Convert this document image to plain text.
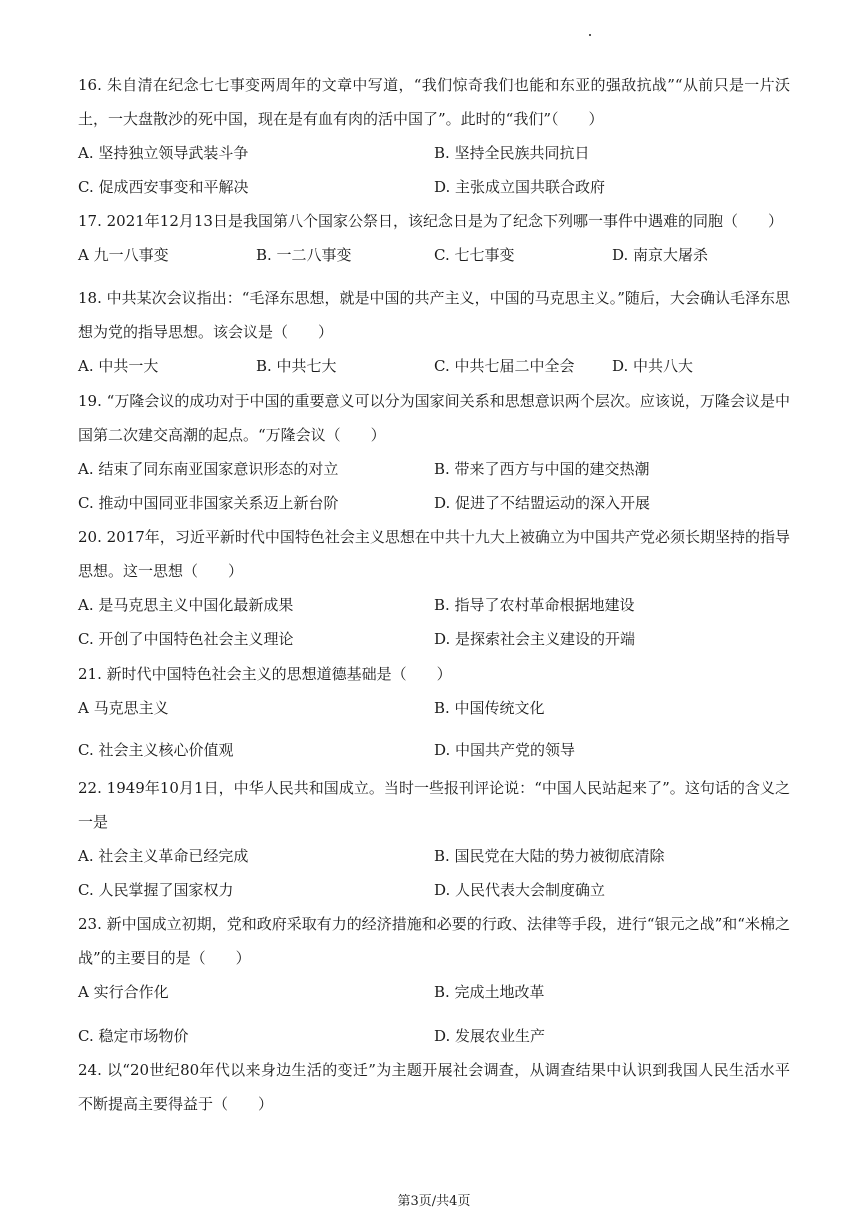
16. 朱自清在纪念七七事变两周年的文章中写道，“我们惊奇我们也能和东亚的强敌抗战”“从前只是一片沃土，一大盘散沙的死中国，现在是有血有肉的活中国了”。此时的“我们”（　　）

A. 坚持独立领导武装斗争	B. 坚持全民族共同抗日
C. 促成西安事变和平解决	D. 主张成立国共联合政府

17. 2021年12月13日是我国第八个国家公祭日，该纪念日是为了纪念下列哪一事件中遇难的同胞（　　）

A 九一八事变	B. 一二八事变	C. 七七事变	D. 南京大屠杀

18. 中共某次会议指出：“毛泽东思想，就是中国的共产主义，中国的马克思主义。”随后，大会确认毛泽东思想为党的指导思想。该会议是（　　）

A. 中共一大	B. 中共七大	C. 中共七届二中全会	D. 中共八大

19. “万隆会议的成功对于中国的重要意义可以分为国家间关系和思想意识两个层次。应该说，万隆会议是中国第二次建交高潮的起点。“万隆会议（　　）

A. 结束了同东南亚国家意识形态的对立	B. 带来了西方与中国的建交热潮
C. 推动中国同亚非国家关系迈上新台阶	D. 促进了不结盟运动的深入开展

20. 2017年，习近平新时代中国特色社会主义思想在中共十九大上被确立为中国共产党必须长期坚持的指导思想。这一思想（　　）

A. 是马克思主义中国化最新成果	B. 指导了农村革命根据地建设
C. 开创了中国特色社会主义理论	D. 是探索社会主义建设的开端

21. 新时代中国特色社会主义的思想道德基础是（　　）

A 马克思主义	B. 中国传统文化
C. 社会主义核心价值观	D. 中国共产党的领导

22. 1949年10月1日，中华人民共和国成立。当时一些报刊评论说：“中国人民站起来了”。这句话的含义之一是

A. 社会主义革命已经完成	B. 国民党在大陆的势力被彻底清除
C. 人民掌握了国家权力	D. 人民代表大会制度确立

23. 新中国成立初期，党和政府采取有力的经济措施和必要的行政、法律等手段，进行“银元之战”和“米棉之战”的主要目的是（　　）

A 实行合作化	B. 完成土地改革
C. 稳定市场物价	D. 发展农业生产

24. 以“20世纪80年代以来身边生活的变迁”为主题开展社会调查，从调查结果中认识到我国人民生活水平不断提高主要得益于（　　）

第3页/共4页
